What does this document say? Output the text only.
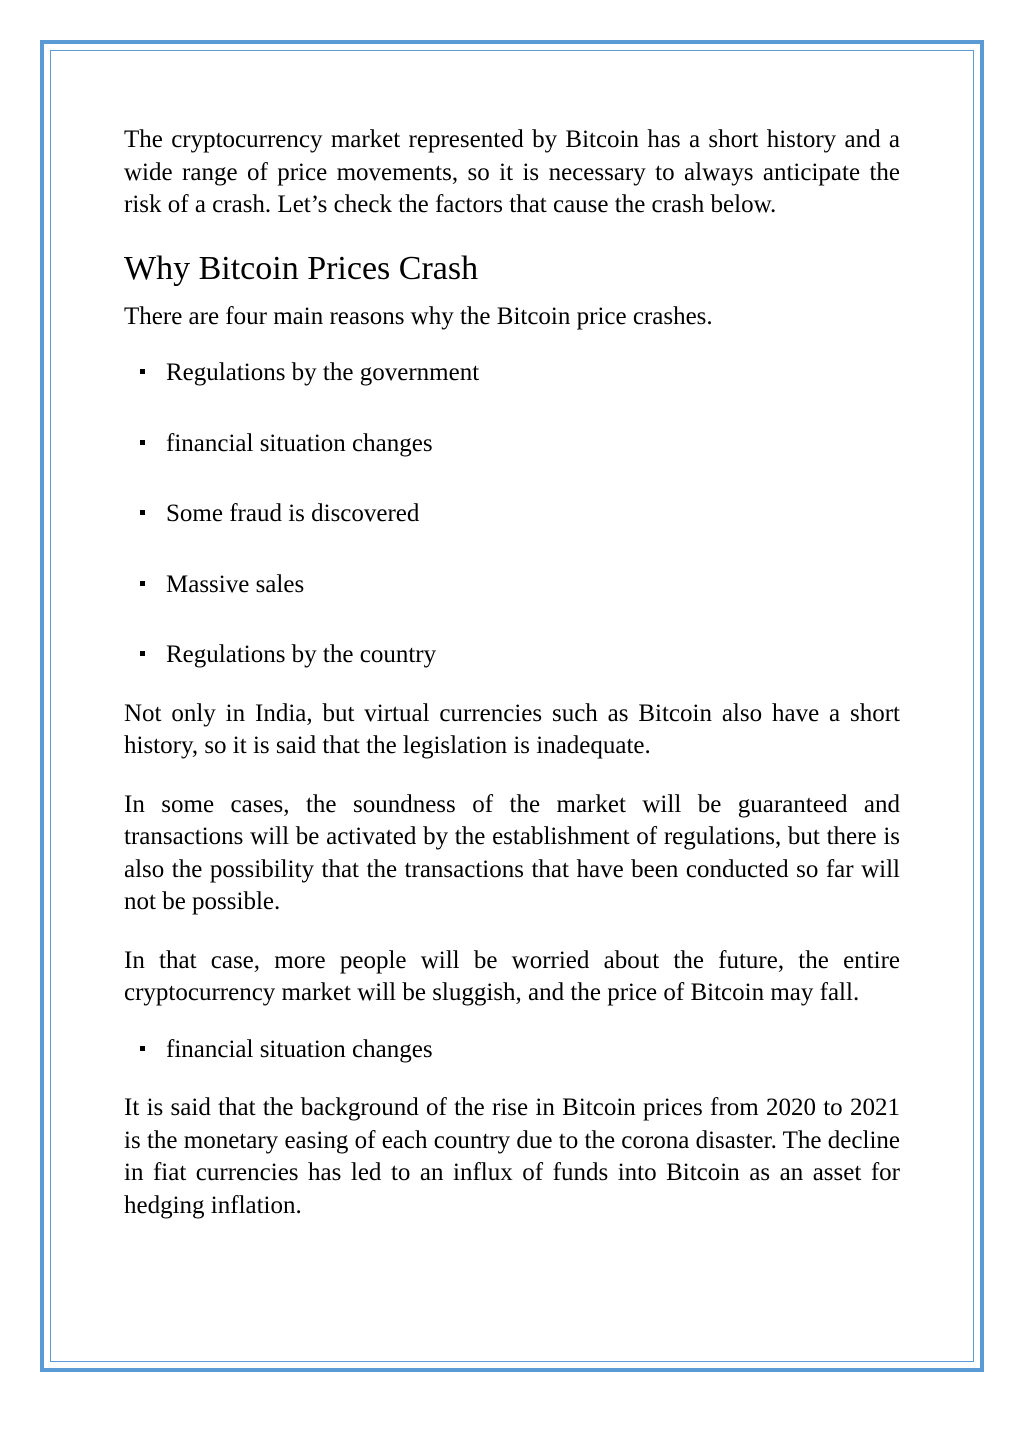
The cryptocurrency market represented by Bitcoin has a short history and a wide range of price movements, so it is necessary to always anticipate the risk of a crash. Let’s check the factors that cause the crash below.

Why Bitcoin Prices Crash

There are four main reasons why the Bitcoin price crashes.

Regulations by the government
financial situation changes
Some fraud is discovered
Massive sales
Regulations by the country

Not only in India, but virtual currencies such as Bitcoin also have a short history, so it is said that the legislation is inadequate.

In some cases, the soundness of the market will be guaranteed and transactions will be activated by the establishment of regulations, but there is also the possibility that the transactions that have been conducted so far will not be possible.

In that case, more people will be worried about the future, the entire cryptocurrency market will be sluggish, and the price of Bitcoin may fall.

financial situation changes

It is said that the background of the rise in Bitcoin prices from 2020 to 2021 is the monetary easing of each country due to the corona disaster. The decline in fiat currencies has led to an influx of funds into Bitcoin as an asset for hedging inflation.
